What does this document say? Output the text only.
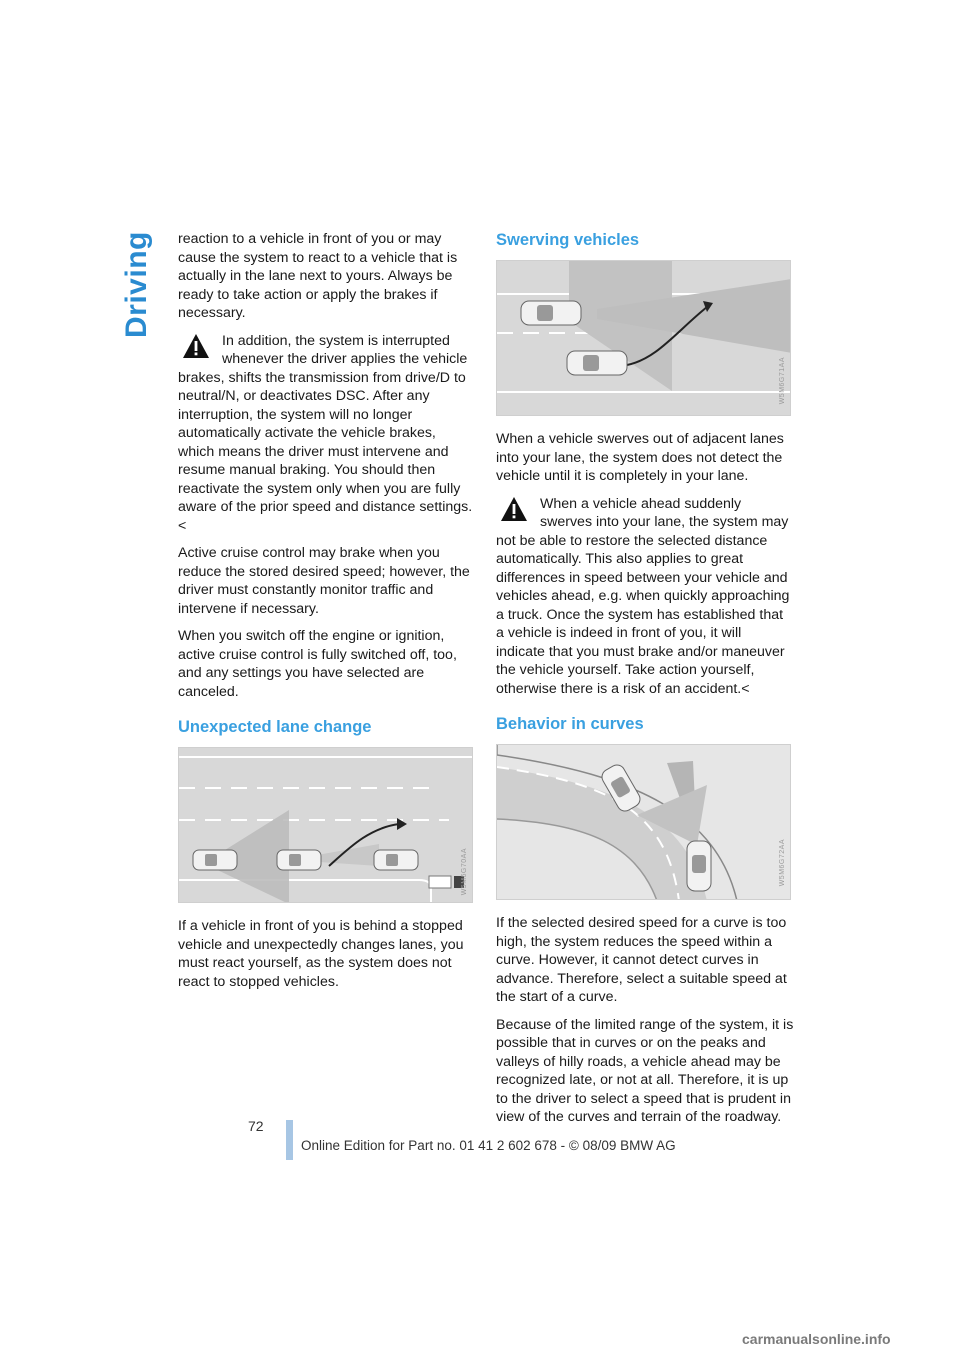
Driving reaction to a vehicle in front of you or may cause the system to react to a vehicle that is actually in the lane next to yours. Always be ready to take action or apply the brakes if necessary.

In addition, the system is interrupted whenever the driver applies the vehicle brakes, shifts the transmission from drive/D to neutral/N, or deactivates DSC. After any interruption, the system will no longer automatically activate the vehicle brakes, which means the driver must intervene and resume manual braking. You should then reactivate the system only when you are fully aware of the prior speed and distance settings.<

Active cruise control may brake when you reduce the stored desired speed; however, the driver must constantly monitor traffic and intervene if necessary.

When you switch off the engine or ignition, active cruise control is fully switched off, too, and any settings you have selected are canceled.

Unexpected lane change
W5M6G70AA

If a vehicle in front of you is behind a stopped vehicle and unexpectedly changes lanes, you must react yourself, as the system does not react to stopped vehicles.

Swerving vehicles
W5M6G71AA

When a vehicle swerves out of adjacent lanes into your lane, the system does not detect the vehicle until it is completely in your lane.

When a vehicle ahead suddenly swerves into your lane, the system may not be able to restore the selected distance automatically. This also applies to great differences in speed between your vehicle and vehicles ahead, e.g. when quickly approaching a truck. Once the system has established that a vehicle is indeed in front of you, it will indicate that you must brake and/or maneuver the vehicle yourself. Take action yourself, otherwise there is a risk of an accident.<

Behavior in curves
W5M6G72AA

If the selected desired speed for a curve is too high, the system reduces the speed within a curve. However, it cannot detect curves in advance. Therefore, select a suitable speed at the start of a curve.

Because of the limited range of the system, it is possible that in curves or on the peaks and valleys of hilly roads, a vehicle ahead may be recognized late, or not at all. Therefore, it is up to the driver to select a speed that is prudent in view of the curves and terrain of the roadway.

72
Online Edition for Part no. 01 41 2 602 678 - © 08/09 BMW AG
carmanualsonline.info
